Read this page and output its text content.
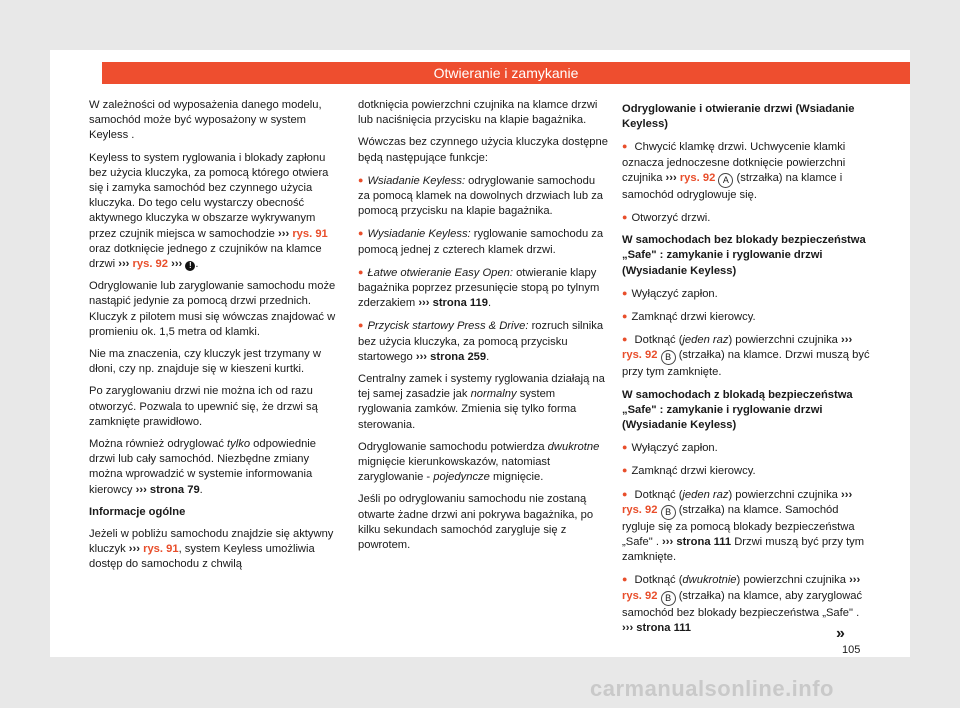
Otwieranie i zamykanie

W zależności od wyposażenia danego modelu, samochód może być wyposażony w system Keyless .

Keyless to system ryglowania i blokady zapłonu bez użycia kluczyka, za pomocą którego otwiera się i zamyka samochód bez czynnego użycia kluczyka. Do tego celu wystarczy obecność aktywnego kluczyka w obszarze wykrywanym przez czujnik miejsca w samochodzie ››› rys. 91 oraz dotknięcie jednego z czujników na klamce drzwi ››› rys. 92 ››› ! .

Odryglowanie lub zaryglowanie samochodu może nastąpić jedynie za pomocą drzwi przednich. Kluczyk z pilotem musi się wówczas znajdować w promieniu ok. 1,5 metra od klamki.

Nie ma znaczenia, czy kluczyk jest trzymany w dłoni, czy np. znajduje się w kieszeni kurtki.

Po zaryglowaniu drzwi nie można ich od razu otworzyć. Pozwala to upewnić się, że drzwi są zamknięte prawidłowo.

Można również odryglować tylko odpowiednie drzwi lub cały samochód. Niezbędne zmiany można wprowadzić w systemie informowania kierowcy ››› strona 79.

Informacje ogólne

Jeżeli w pobliżu samochodu znajdzie się aktywny kluczyk ››› rys. 91, system Keyless umożliwia dostęp do samochodu z chwilą

dotknięcia powierzchni czujnika na klamce drzwi lub naciśnięcia przycisku na klapie bagażnika.

Wówczas bez czynnego użycia kluczyka dostępne będą następujące funkcje:

● Wsiadanie Keyless: odryglowanie samochodu za pomocą klamek na dowolnych drzwiach lub za pomocą przycisku na klapie bagażnika.

● Wysiadanie Keyless: ryglowanie samochodu za pomocą jednej z czterech klamek drzwi.

● Łatwe otwieranie Easy Open: otwieranie klapy bagażnika poprzez przesunięcie stopą po tylnym zderzakiem ››› strona 119.

● Przycisk startowy Press & Drive: rozruch silnika bez użycia kluczyka, za pomocą przycisku startowego ››› strona 259.

Centralny zamek i systemy ryglowania działają na tej samej zasadzie jak normalny system ryglowania zamków. Zmienia się tylko forma sterowania.

Odryglowanie samochodu potwierdza dwukrotne mignięcie kierunkowskazów, natomiast zaryglowanie - pojedyncze mignięcie.

Jeśli po odryglowaniu samochodu nie zostaną otwarte żadne drzwi ani pokrywa bagażnika, po kilku sekundach samochód zarygluje się z powrotem.

Odryglowanie i otwieranie drzwi (Wsiadanie Keyless)

● Chwycić klamkę drzwi. Uchwycenie klamki oznacza jednoczesne dotknięcie powierzchni czujnika ››› rys. 92 A (strzałka) na klamce i samochód odryglowuje się.

● Otworzyć drzwi.

W samochodach bez blokady bezpieczeństwa „Safe" : zamykanie i ryglowanie drzwi (Wysiadanie Keyless)

● Wyłączyć zapłon.

● Zamknąć drzwi kierowcy.

● Dotknąć (jeden raz) powierzchni czujnika ››› rys. 92 B (strzałka) na klamce. Drzwi muszą być przy tym zamknięte.

W samochodach z blokadą bezpieczeństwa „Safe" : zamykanie i ryglowanie drzwi (Wysiadanie Keyless)

● Wyłączyć zapłon.

● Zamknąć drzwi kierowcy.

● Dotknąć (jeden raz) powierzchni czujnika ››› rys. 92 B (strzałka) na klamce. Samochód rygluje się za pomocą blokady bezpieczeństwa „Safe" . ››› strona 111 Drzwi muszą być przy tym zamknięte.

● Dotknąć (dwukrotnie) powierzchni czujnika ››› rys. 92 B (strzałka) na klamce, aby zaryglować samochód bez blokady bezpieczeństwa „Safe" . ››› strona 111	»
105
carmanualsonline.info
